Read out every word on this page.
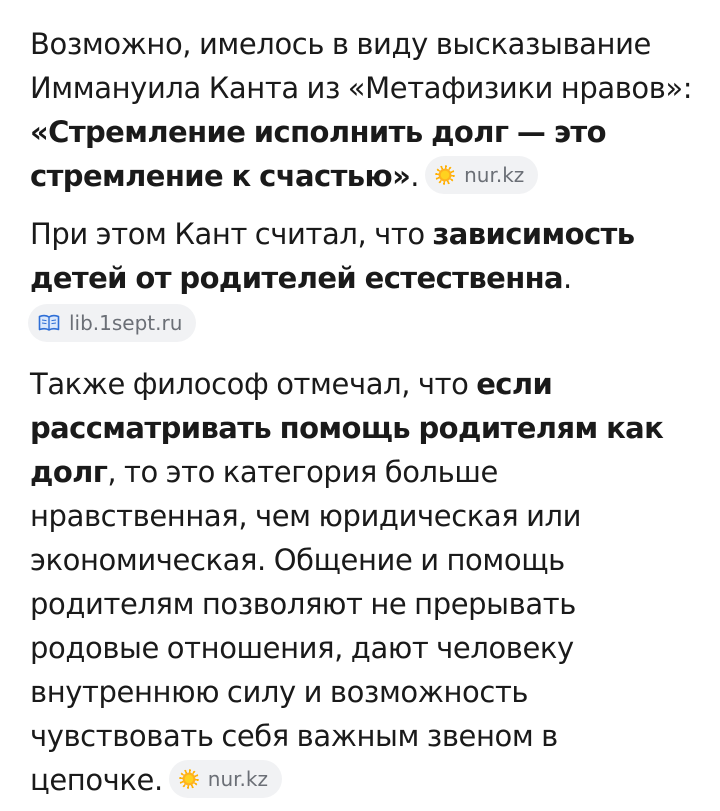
Возможно, имелось в виду высказывание Иммануила Канта из «Метафизики нравов»: «Стремление исполнить долг — это стремление к счастью». nur.kz

При этом Кант считал, что зависимость детей от родителей естественна.

lib.1sept.ru

Также философ отмечал, что если рассматривать помощь родителям как долг, то это категория больше нравственная, чем юридическая или экономическая. Общение и помощь родителям позволяют не прерывать родовые отношения, дают человеку внутреннюю силу и возможность чувствовать себя важным звеном в цепочке. nur.kz
